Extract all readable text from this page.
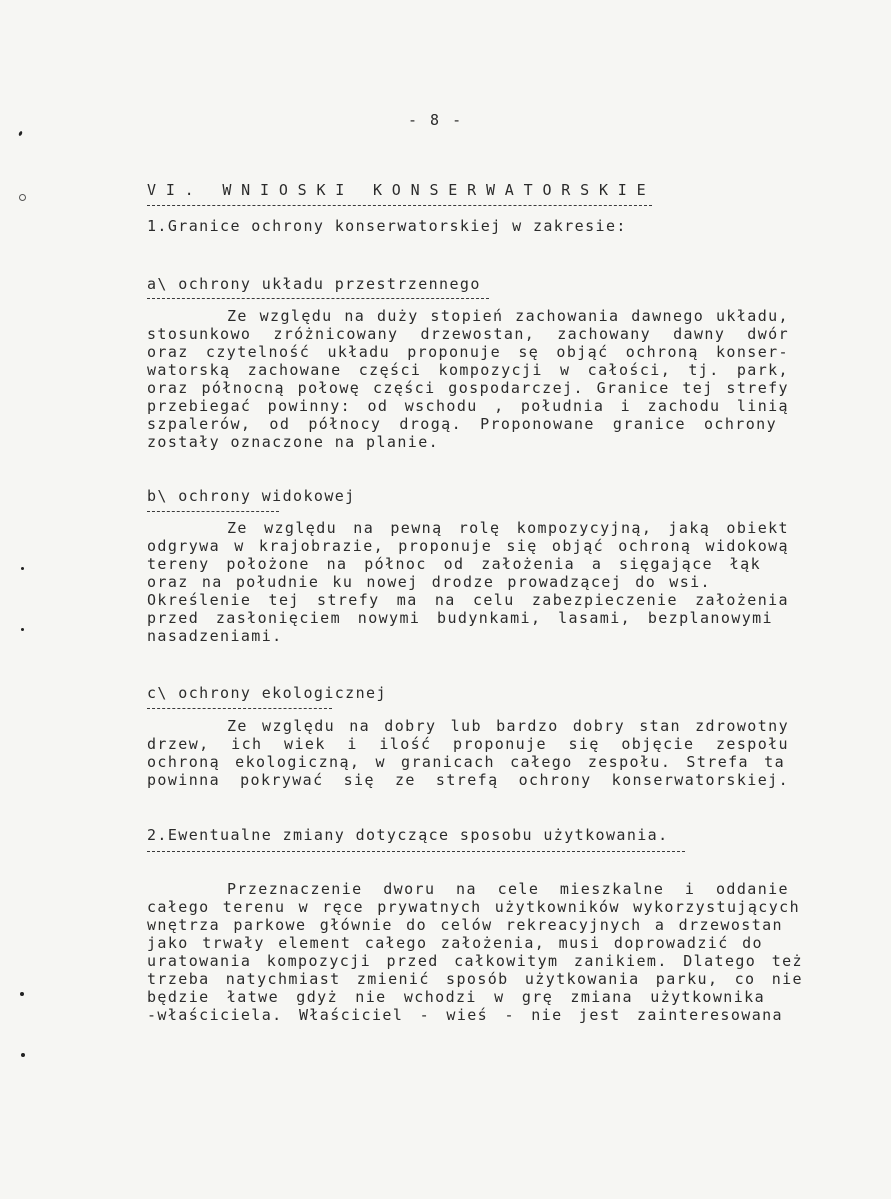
- 8 -
VI. WNIOSKI KONSERWATORSKIE
1.Granice ochrony konserwatorskiej w zakresie:
a\ ochrony układu przestrzennego
Ze względu na duży stopień zachowania dawnego układu,
stosunkowo zróżnicowany drzewostan, zachowany dawny dwór
oraz czytelność układu proponuje sę objąć ochroną konser-
watorską zachowane części kompozycji w całości, tj. park,
oraz północną połowę części gospodarczej. Granice tej strefy
przebiegać powinny: od wschodu , południa i zachodu linią
szpalerów, od północy drogą. Proponowane granice ochrony
zostały oznaczone na planie.
b\ ochrony widokowej
Ze względu na pewną rolę kompozycyjną, jaką obiekt
odgrywa w krajobrazie, proponuje się objąć ochroną widokową
tereny położone na północ od założenia a sięgające łąk
oraz na południe ku nowej drodze prowadzącej do wsi.
Określenie tej strefy ma na celu zabezpieczenie założenia
przed zasłonięciem nowymi budynkami, lasami, bezplanowymi
nasadzeniami.
c\ ochrony ekologicznej
Ze względu na dobry lub bardzo dobry stan zdrowotny
drzew, ich wiek i ilość proponuje się objęcie zespołu
ochroną ekologiczną, w granicach całego zespołu. Strefa ta
powinna pokrywać się ze strefą ochrony konserwatorskiej.
2.Ewentualne zmiany dotyczące sposobu użytkowania.
Przeznaczenie dworu na cele mieszkalne i oddanie
całego terenu w ręce prywatnych użytkowników wykorzystujących
wnętrza parkowe głównie do celów rekreacyjnych a drzewostan
jako trwały element całego założenia, musi doprowadzić do
uratowania kompozycji przed całkowitym zanikiem. Dlatego też
trzeba natychmiast zmienić sposób użytkowania parku, co nie
będzie łatwe gdyż nie wchodzi w grę zmiana użytkownika
-właściciela. Właściciel - wieś - nie jest zainteresowana
